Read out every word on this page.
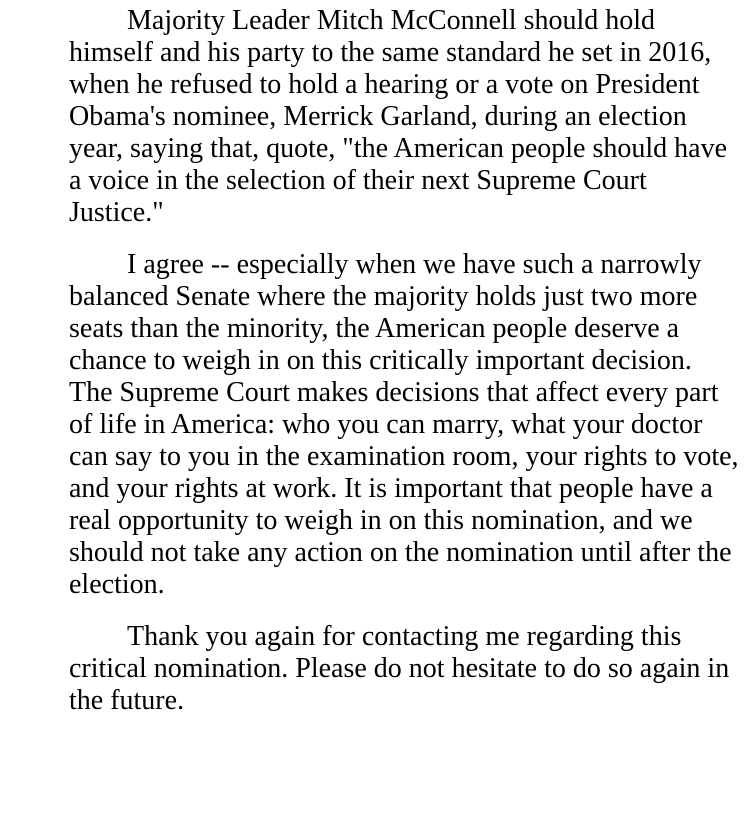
Majority Leader Mitch McConnell should hold himself and his party to the same standard he set in 2016, when he refused to hold a hearing or a vote on President Obama's nominee, Merrick Garland, during an election year, saying that, quote, "the American people should have a voice in the selection of their next Supreme Court Justice."

I agree -- especially when we have such a narrowly balanced Senate where the majority holds just two more seats than the minority, the American people deserve a chance to weigh in on this critically important decision. The Supreme Court makes decisions that affect every part of life in America: who you can marry, what your doctor can say to you in the examination room, your rights to vote, and your rights at work. It is important that people have a real opportunity to weigh in on this nomination, and we should not take any action on the nomination until after the election.

Thank you again for contacting me regarding this critical nomination. Please do not hesitate to do so again in the future.
